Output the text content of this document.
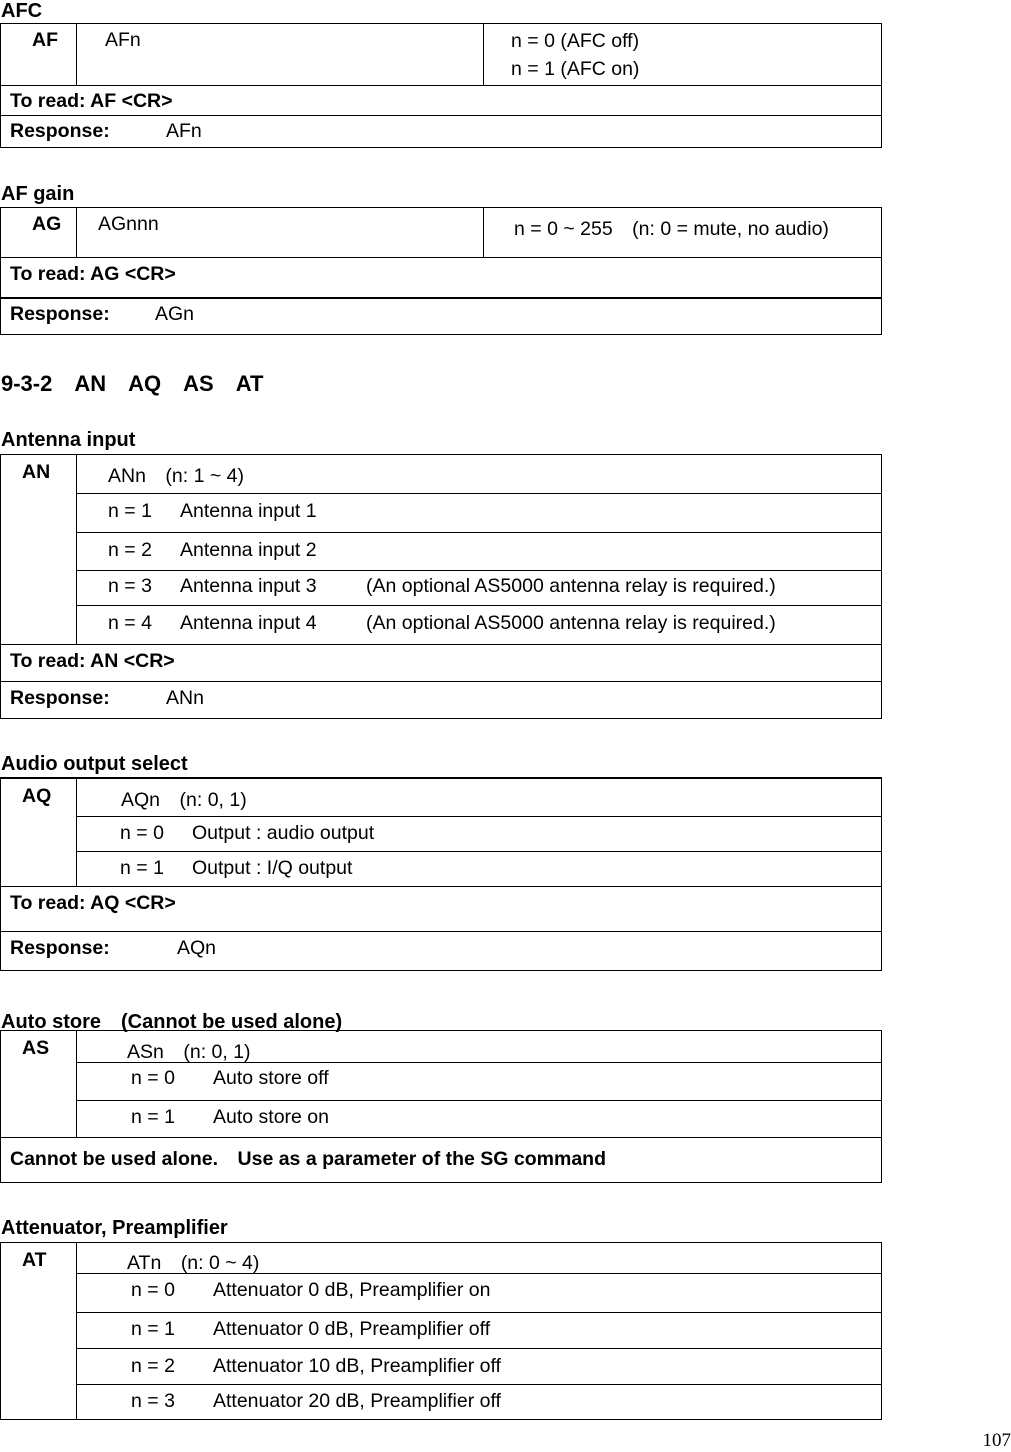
AFC
AF AFn	n = 0 (AFC off)
n = 1 (AFC on)
To read: AF <CR>
Response:	AFn
AF gain
AG AGnnn	n = 0 ~ 255　(n: 0 = mute, no audio)
To read: AG <CR>
Response: AGn
9-3-2　AN　AQ　AS　AT
Antenna input
AN	ANn　(n: 1 ~ 4)
n = 1 Antenna input 1
n = 2 Antenna input 2
n = 3 Antenna input 3	(An optional AS5000 antenna relay is required.)
n = 4 Antenna input 4	(An optional AS5000 antenna relay is required.)
To read: AN <CR>
Response:	ANn
Audio output select
AQ	AQn　(n: 0, 1)
n = 0 Output : audio output
n = 1 Output : I/Q output
To read: AQ <CR>
Response:	AQn
Auto store　(Cannot be used alone)
AS	ASn　(n: 0, 1)
n = 0 Auto store off
n = 1 Auto store on
Cannot be used alone.　Use as a parameter of the SG command
Attenuator, Preamplifier
AT	ATn　(n: 0 ~ 4)
n = 0 Attenuator 0 dB, Preamplifier on
n = 1 Attenuator 0 dB, Preamplifier off
n = 2 Attenuator 10 dB, Preamplifier off
n = 3 Attenuator 20 dB, Preamplifier off
107
